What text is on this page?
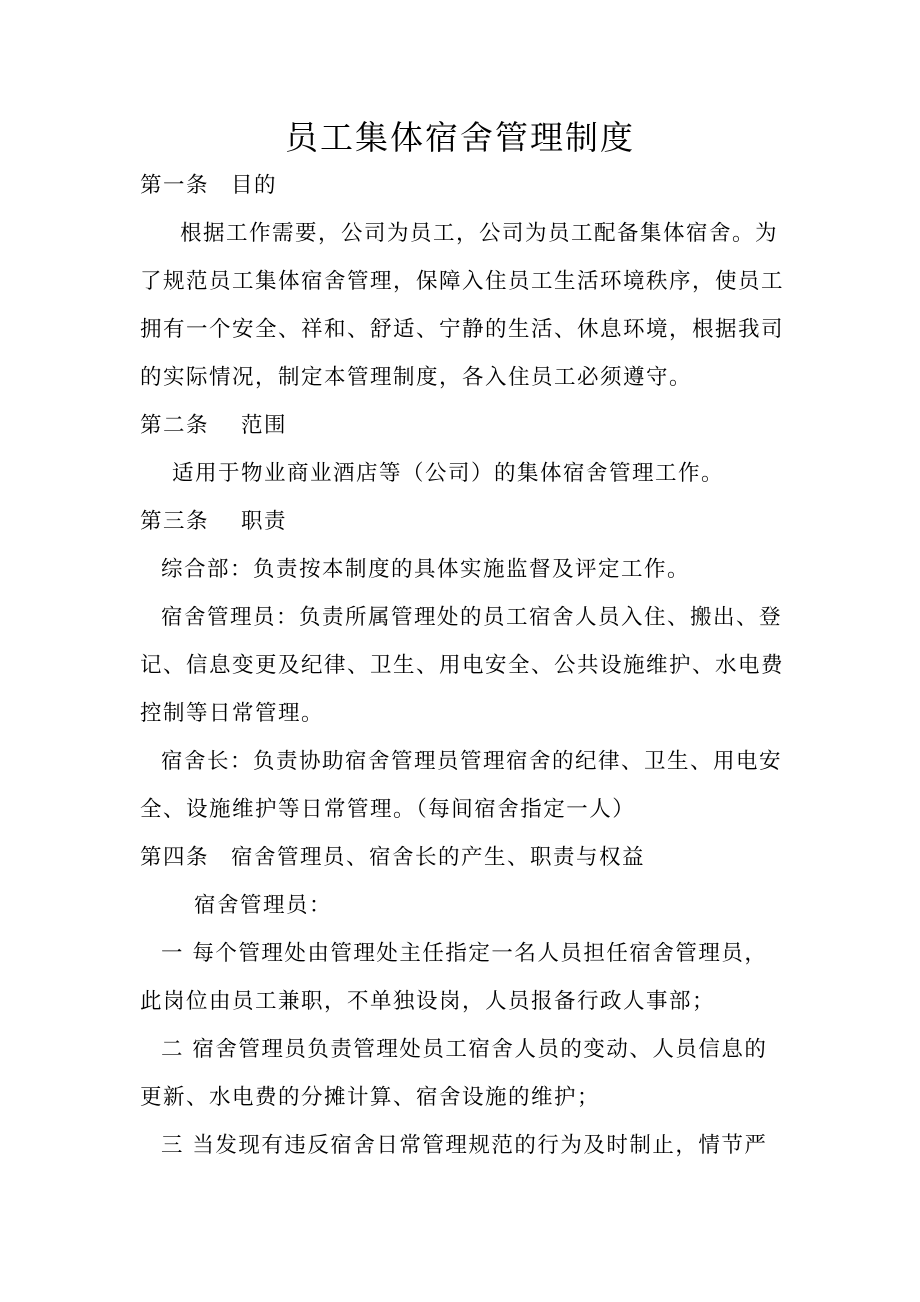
员工集体宿舍管理制度
第一条 目的
根据工作需要，公司为员工，公司为员工配备集体宿舍。为
了规范员工集体宿舍管理，保障入住员工生活环境秩序，使员工
拥有一个安全、祥和、舒适、宁静的生活、休息环境，根据我司
的实际情况，制定本管理制度，各入住员工必须遵守。
第二条 范围
适用于物业商业酒店等（公司）的集体宿舍管理工作。
第三条 职责
综合部：负责按本制度的具体实施监督及评定工作。
宿舍管理员：负责所属管理处的员工宿舍人员入住、搬出、登
记、信息变更及纪律、卫生、用电安全、公共设施维护、水电费
控制等日常管理。
宿舍长：负责协助宿舍管理员管理宿舍的纪律、卫生、用电安
全、设施维护等日常管理。（每间宿舍指定一人）
第四条 宿舍管理员、宿舍长的产生、职责与权益
宿舍管理员：
一 每个管理处由管理处主任指定一名人员担任宿舍管理员，
此岗位由员工兼职，不单独设岗，人员报备行政人事部；
二 宿舍管理员负责管理处员工宿舍人员的变动、人员信息的
更新、水电费的分摊计算、宿舍设施的维护；
三 当发现有违反宿舍日常管理规范的行为及时制止，情节严
